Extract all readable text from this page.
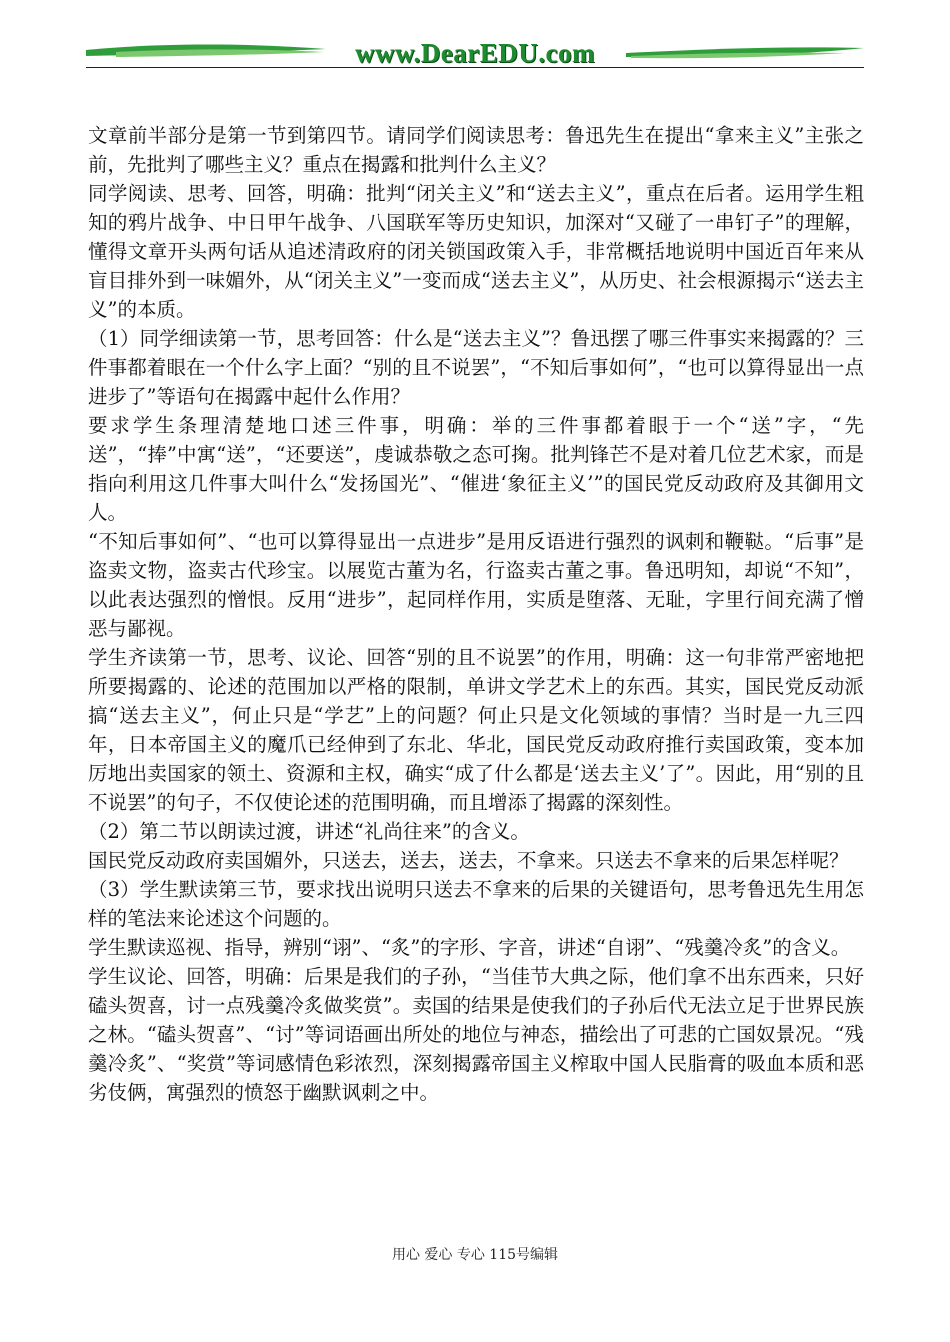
www.DearEDU.com

文章前半部分是第一节到第四节。请同学们阅读思考：鲁迅先生在提出“拿来主义”主张之前，先批判了哪些主义？重点在揭露和批判什么主义？

同学阅读、思考、回答，明确：批判“闭关主义”和“送去主义”，重点在后者。运用学生粗知的鸦片战争、中日甲午战争、八国联军等历史知识，加深对“又碰了一串钉子”的理解，懂得文章开头两句话从追述清政府的闭关锁国政策入手，非常概括地说明中国近百年来从盲目排外到一味媚外，从“闭关主义”一变而成“送去主义”，从历史、社会根源揭示“送去主义”的本质。

（1）同学细读第一节，思考回答：什么是“送去主义”？鲁迅摆了哪三件事实来揭露的？三件事都着眼在一个什么字上面？“别的且不说罢”，“不知后事如何”，“也可以算得显出一点进步了”等语句在揭露中起什么作用？

要求学生条理清楚地口述三件事，明确：举的三件事都着眼于一个“送”字，“先送”，“捧”中寓“送”，“还要送”，虔诚恭敬之态可掬。批判锋芒不是对着几位艺术家，而是指向利用这几件事大叫什么“发扬国光”、“催进‘象征主义’”的国民党反动政府及其御用文人。

“不知后事如何”、“也可以算得显出一点进步”是用反语进行强烈的讽刺和鞭鞑。“后事”是盗卖文物，盗卖古代珍宝。以展览古董为名，行盗卖古董之事。鲁迅明知，却说“不知”，以此表达强烈的憎恨。反用“进步”，起同样作用，实质是堕落、无耻，字里行间充满了憎恶与鄙视。

学生齐读第一节，思考、议论、回答“别的且不说罢”的作用，明确：这一句非常严密地把所要揭露的、论述的范围加以严格的限制，单讲文学艺术上的东西。其实，国民党反动派搞“送去主义”，何止只是“学艺”上的问题？何止只是文化领域的事情？当时是一九三四年，日本帝国主义的魔爪已经伸到了东北、华北，国民党反动政府推行卖国政策，变本加厉地出卖国家的领土、资源和主权，确实“成了什么都是‘送去主义’了”。因此，用“别的且不说罢”的句子，不仅使论述的范围明确，而且增添了揭露的深刻性。

（2）第二节以朗读过渡，讲述“礼尚往来”的含义。

国民党反动政府卖国媚外，只送去，送去，送去，不拿来。只送去不拿来的后果怎样呢？

（3）学生默读第三节，要求找出说明只送去不拿来的后果的关键语句，思考鲁迅先生用怎样的笔法来论述这个问题的。

学生默读巡视、指导，辨别“诩”、“炙”的字形、字音，讲述“自诩”、“残羹冷炙”的含义。

学生议论、回答，明确：后果是我们的子孙，“当佳节大典之际，他们拿不出东西来，只好磕头贺喜，讨一点残羹冷炙做奖赏”。卖国的结果是使我们的子孙后代无法立足于世界民族之林。“磕头贺喜”、“讨”等词语画出所处的地位与神态，描绘出了可悲的亡国奴景况。“残羹冷炙”、“奖赏”等词感情色彩浓烈，深刻揭露帝国主义榨取中国人民脂膏的吸血本质和恶劣伎俩，寓强烈的愤怒于幽默讽刺之中。

用心 爱心 专心 115号编辑
